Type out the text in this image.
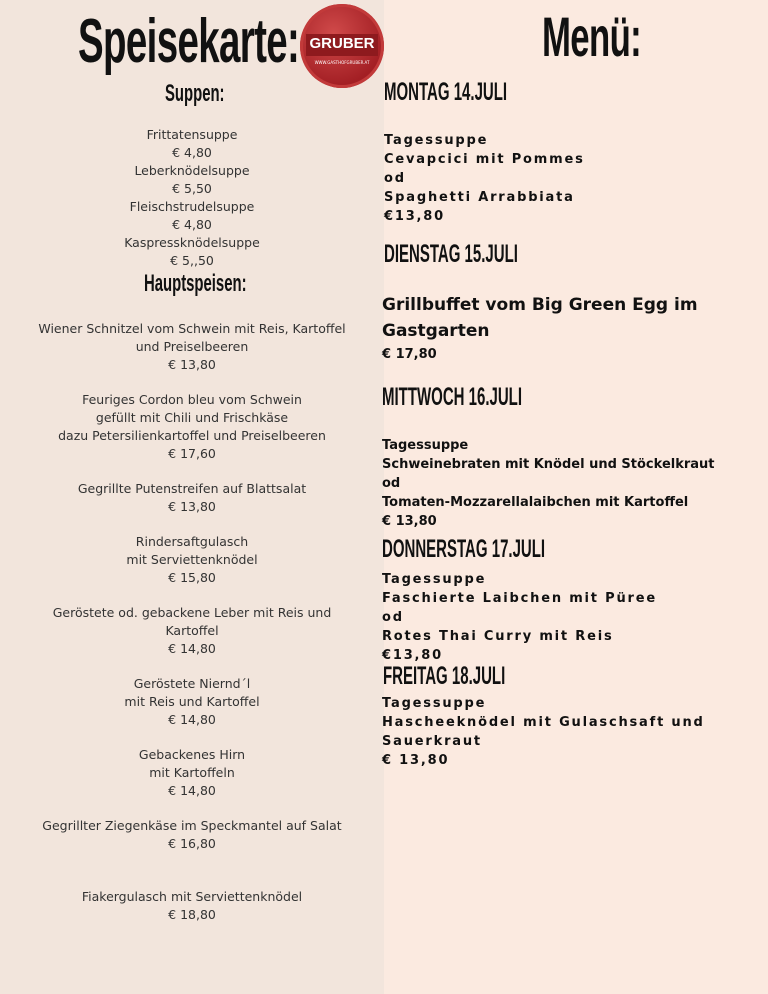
Speisekarte: GRUBER
WWW.GASTHOFGRUBER.AT	Menü:
Suppen:
Frittatensuppe
€ 4,80
Leberknödelsuppe
€ 5,50
Fleischstrudelsuppe
€ 4,80
Kaspressknödelsuppe
€ 5,,50
Hauptspeisen:
Wiener Schnitzel vom Schwein mit Reis, Kartoffel
und Preiselbeeren
€ 13,80
Feuriges Cordon bleu vom Schwein
gefüllt mit Chili und Frischkäse
dazu Petersilienkartoffel und Preiselbeeren
€ 17,60
Gegrillte Putenstreifen auf Blattsalat
€ 13,80
Rindersaftgulasch
mit Serviettenknödel
€ 15,80
Geröstete od. gebackene Leber mit Reis und
Kartoffel
€ 14,80
Geröstete Niernd´l
mit Reis und Kartoffel
€ 14,80
Gebackenes Hirn
mit Kartoffeln
€ 14,80
Gegrillter Ziegenkäse im Speckmantel auf Salat
€ 16,80
Fiakergulasch mit Serviettenknödel
€ 18,80
MONTAG 14.JULI
Tagessuppe
Cevapcici mit Pommes
od
Spaghetti Arrabbiata
€13,80
DIENSTAG 15.JULI
Grillbuffet vom Big Green Egg im
Gastgarten
€ 17,80
MITTWOCH 16.JULI
Tagessuppe
Schweinebraten mit Knödel und Stöckelkraut
od
Tomaten-Mozzarellalaibchen mit Kartoffel
€ 13,80
DONNERSTAG 17.JULI
Tagessuppe
Faschierte Laibchen mit Püree
od
Rotes Thai Curry mit Reis
€13,80
FREITAG 18.JULI
Tagessuppe
Hascheeknödel mit Gulaschsaft und
Sauerkraut
€ 13,80
